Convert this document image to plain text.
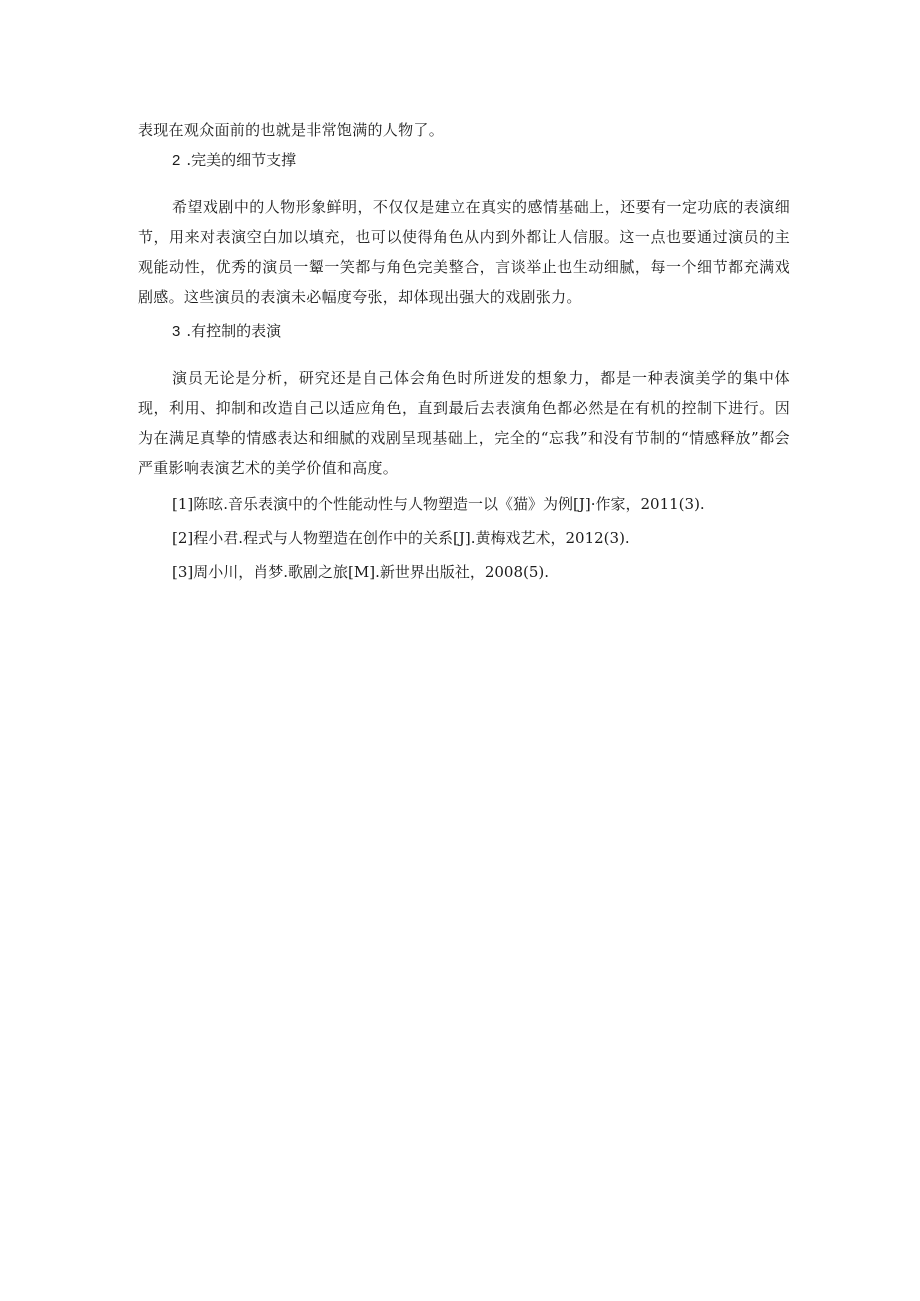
表现在观众面前的也就是非常饱满的人物了。

2 .完美的细节支撑

希望戏剧中的人物形象鲜明，不仅仅是建立在真实的感情基础上，还要有一定功底的表演细节，用来对表演空白加以填充，也可以使得角色从内到外都让人信服。这一点也要通过演员的主观能动性，优秀的演员一颦一笑都与角色完美整合，言谈举止也生动细腻，每一个细节都充满戏剧感。这些演员的表演未必幅度夸张，却体现出强大的戏剧张力。

3 .有控制的表演

演员无论是分析，研究还是自己体会角色时所迸发的想象力，都是一种表演美学的集中体现，利用、抑制和改造自己以适应角色，直到最后去表演角色都必然是在有机的控制下进行。因为在满足真挚的情感表达和细腻的戏剧呈现基础上，完全的“忘我”和没有节制的“情感释放”都会严重影响表演艺术的美学价值和高度。

[1]陈昡.音乐表演中的个性能动性与人物塑造一以《猫》为例[J]·作家，2011(3).

[2]程小君.程式与人物塑造在创作中的关系[J].黄梅戏艺术，2012(3).

[3]周小川，肖梦.歌剧之旅[M].新世界出版社，2008(5).
